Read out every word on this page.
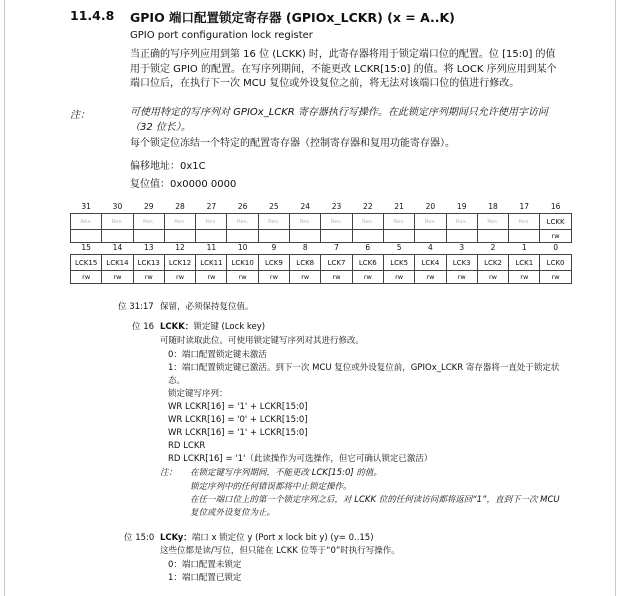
11.4.8 GPIO 端口配置锁定寄存器 (GPIOx_LCKR) (x = A..K)
GPIO port configuration lock register
当正确的写序列应用到第 16 位 (LCKK) 时，此寄存器将用于锁定端口位的配置。位 [15:0] 的值用于锁定 GPIO 的配置。在写序列期间，不能更改 LCKR[15:0] 的值。将 LOCK 序列应用到某个端口位后，在执行下一次 MCU 复位或外设复位之前，将无法对该端口位的值进行修改。
注：	可使用特定的写序列对 GPIOx_LCKR 寄存器执行写操作。在此锁定序列期间只允许使用字访问（32 位长）。
每个锁定位冻结一个特定的配置寄存器（控制寄存器和复用功能寄存器）。
偏移地址：0x1C
复位值：0x0000 0000
31	30	29	28	27	26	25	24	23	22	21	20	19	18	17	16
Res.	Res.	Res.	Res.	Res.	Res.	Res.	Res.	Res.	Res.	Res.	Res.	Res.	Res.	Res.	LCKK
															rw
15	14	13	12	11	10	9	8	7	6	5	4	3	2	1	0
LCK15	LCK14	LCK13	LCK12	LCK11	LCK10	LCK9	LCK8	LCK7	LCK6	LCK5	LCK4	LCK3	LCK2	LCK1	LCK0
rw	rw	rw	rw	rw	rw	rw	rw	rw	rw	rw	rw	rw	rw	rw	rw
位 31:17 保留，必须保持复位值。
位 16 LCKK：锁定键 (Lock key)
可随时读取此位。可使用锁定键写序列对其进行修改。
0：端口配置锁定键未激活
1：端口配置锁定键已激活。到下一次 MCU 复位或外设复位前，GPIOx_LCKR 寄存器将一直处于锁定状态。
锁定键写序列：
WR LCKR[16] = '1' + LCKR[15:0]
WR LCKR[16] = '0' + LCKR[15:0]
WR LCKR[16] = '1' + LCKR[15:0]
RD LCKR
RD LCKR[16] = '1'（此读操作为可选操作，但它可确认锁定已激活）
注： 在锁定键写序列期间，不能更改 LCK[15:0] 的值。
锁定序列中的任何错误都将中止锁定操作。
在任一端口位上的第一个锁定序列之后，对 LCKK 位的任何读访问都将返回“1”，直到下一次 MCU 复位或外设复位为止。
位 15:0 LCKy：端口 x 锁定位 y (Port x lock bit y) (y= 0..15)
这些位都是读/写位，但只能在 LCKK 位等于“0”时执行写操作。
0：端口配置未锁定
1：端口配置已锁定
